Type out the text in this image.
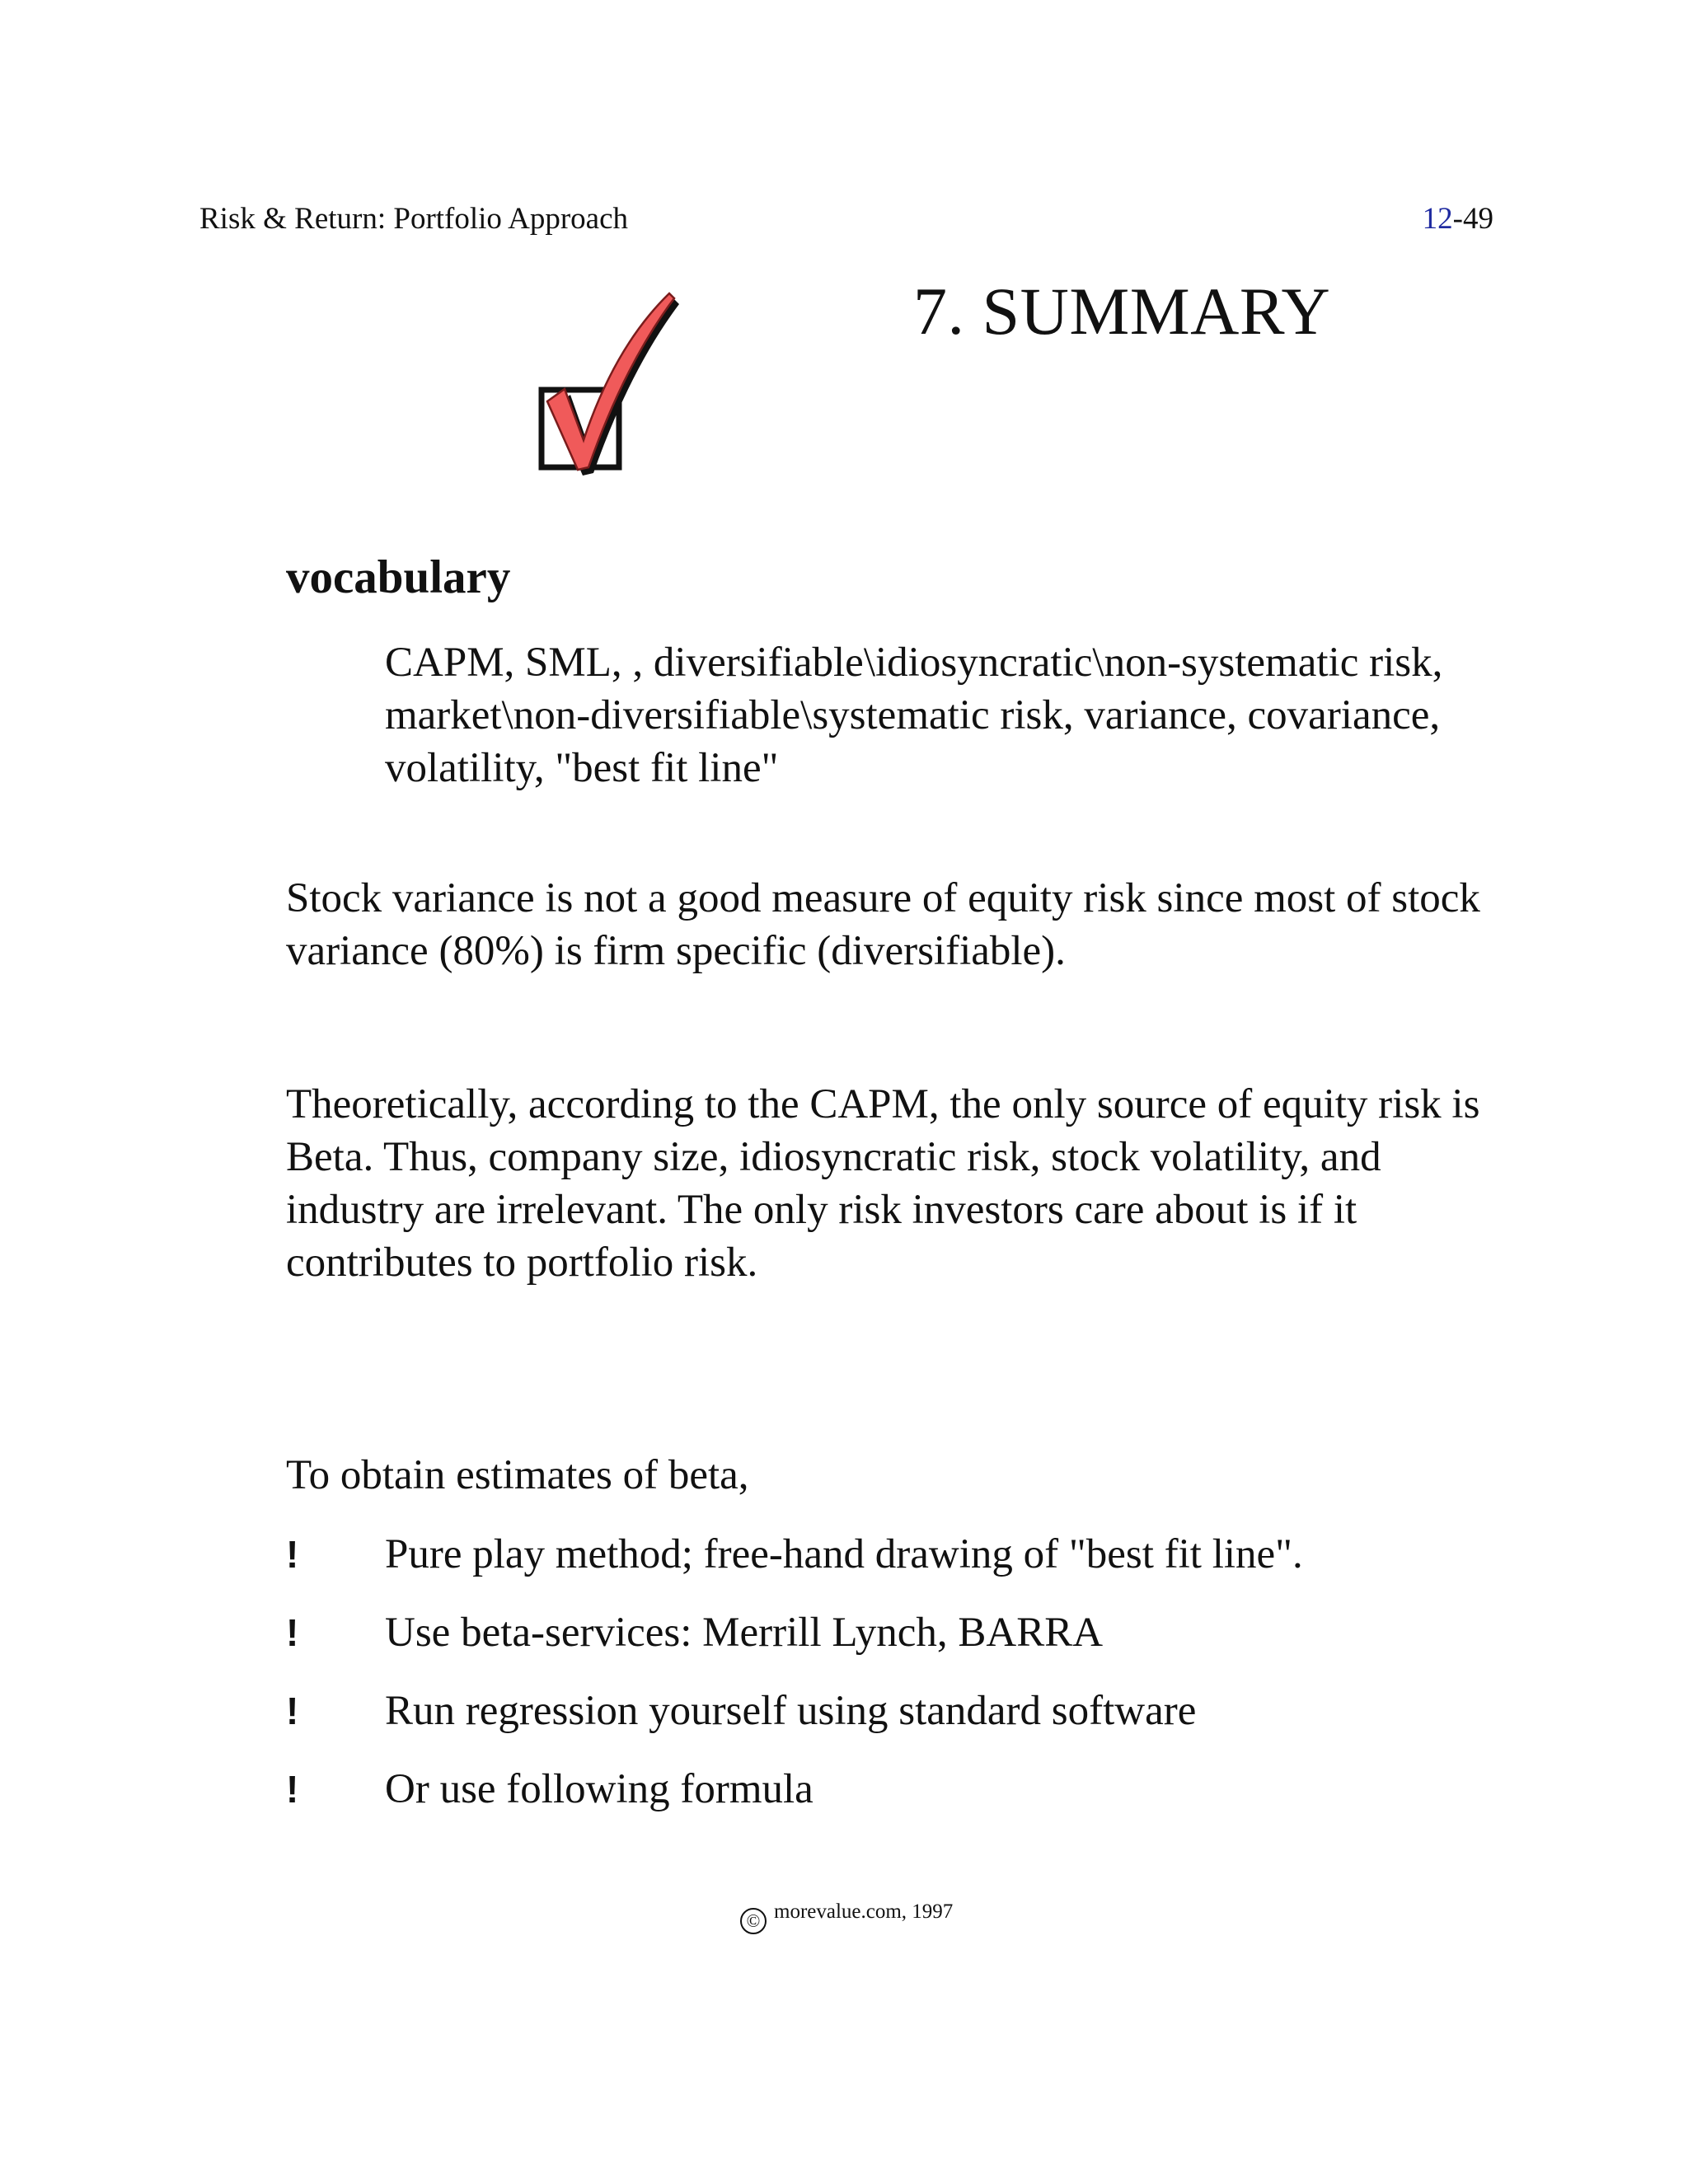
Risk & Return: Portfolio Approach	12-49
7. SUMMARY
vocabulary
CAPM, SML, , diversifiable\idiosyncratic\non-systematic risk, market\non-diversifiable\systematic risk, variance, covariance, volatility, "best fit line"
Stock variance is not a good measure of equity risk since most of stock variance (80%) is firm specific (diversifiable).
Theoretically, according to the CAPM, the only source of equity risk is Beta. Thus, company size, idiosyncratic risk, stock volatility, and industry are irrelevant. The only risk investors care about is if it contributes to portfolio risk.
To obtain estimates of beta,
! Pure play method; free-hand drawing of "best fit line".
! Use beta-services: Merrill Lynch, BARRA
! Run regression yourself using standard software
! Or use following formula
© morevalue.com, 1997
